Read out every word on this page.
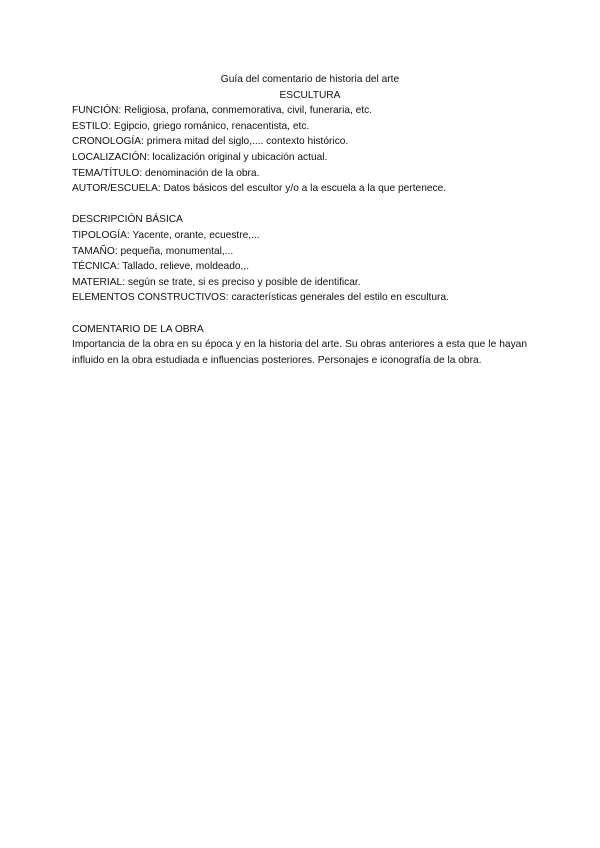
Guía del comentario de historia del arte
ESCULTURA
FUNCIÓN: Religiosa, profana, conmemorativa, civil, funeraria, etc.
ESTILO: Egipcio, griego románico, renacentista, etc.
CRONOLOGÍA: primera mitad del siglo,.... contexto histórico.
LOCALIZACIÓN: localización original y ubicación actual.
TEMA/TÍTULO: denominación de la obra.
AUTOR/ESCUELA: Datos básicos del escultor y/o a la escuela a la que pertenece.
DESCRIPCIÓN BÁSICA
TIPOLOGÍA: Yacente, orante, ecuestre,...
TAMAÑO: pequeña, monumental,...
TÉCNICA: Tallado, relieve, moldeado,,.
MATERIAL: según se trate, si es preciso y posible de identificar.
ELEMENTOS CONSTRUCTIVOS: características generales del estilo en escultura.
COMENTARIO DE LA OBRA
Importancia de la obra en su época y en la historia del arte. Su obras anteriores a esta que le hayan influido en la obra estudiada e influencias posteriores. Personajes e iconografía de la obra.
